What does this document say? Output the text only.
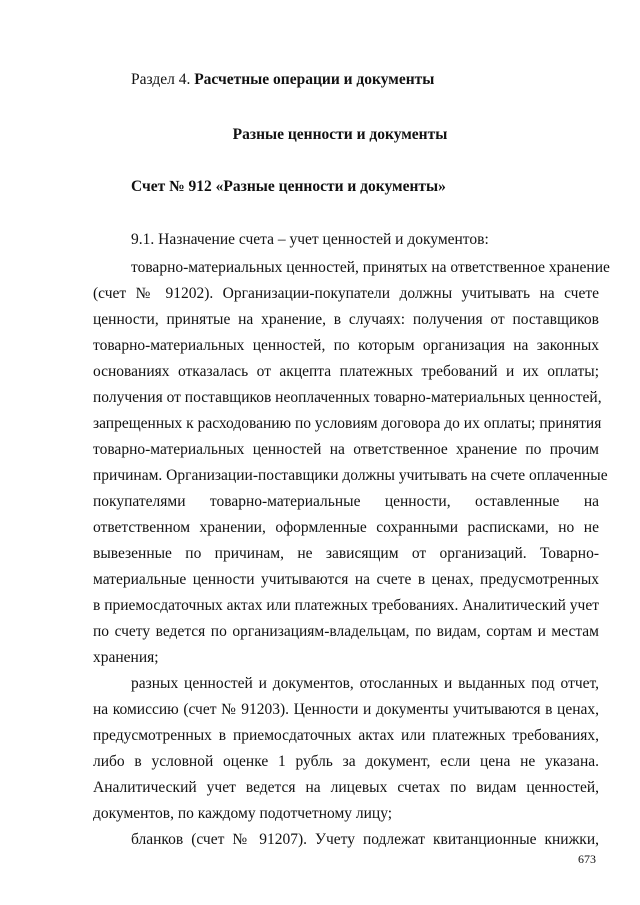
Раздел 4. Расчетные операции и документы
Разные ценности и документы
Счет № 912 «Разные ценности и документы»
9.1. Назначение счета – учет ценностей и документов:
товарно-материальных ценностей, принятых на ответственное хранение
(счет № 91202). Организации-покупатели должны учитывать на счете
ценности, принятые на хранение, в случаях: получения от поставщиков
товарно-материальных ценностей, по которым организация на законных
основаниях отказалась от акцепта платежных требований и их оплаты;
получения от поставщиков неоплаченных товарно-материальных ценностей,
запрещенных к расходованию по условиям договора до их оплаты; принятия
товарно-материальных ценностей на ответственное хранение по прочим
причинам. Организации-поставщики должны учитывать на счете оплаченные
покупателями товарно-материальные ценности, оставленные на
ответственном хранении, оформленные сохранными расписками, но не
вывезенные по причинам, не зависящим от организаций. Товарно-
материальные ценности учитываются на счете в ценах, предусмотренных
в приемосдаточных актах или платежных требованиях. Аналитический учет
по счету ведется по организациям-владельцам, по видам, сортам и местам
хранения;
разных ценностей и документов, отосланных и выданных под отчет,
на комиссию (счет № 91203). Ценности и документы учитываются в ценах,
предусмотренных в приемосдаточных актах или платежных требованиях,
либо в условной оценке 1 рубль за документ, если цена не указана.
Аналитический учет ведется на лицевых счетах по видам ценностей,
документов, по каждому подотчетному лицу;
бланков (счет № 91207). Учету подлежат квитанционные книжки,
673
